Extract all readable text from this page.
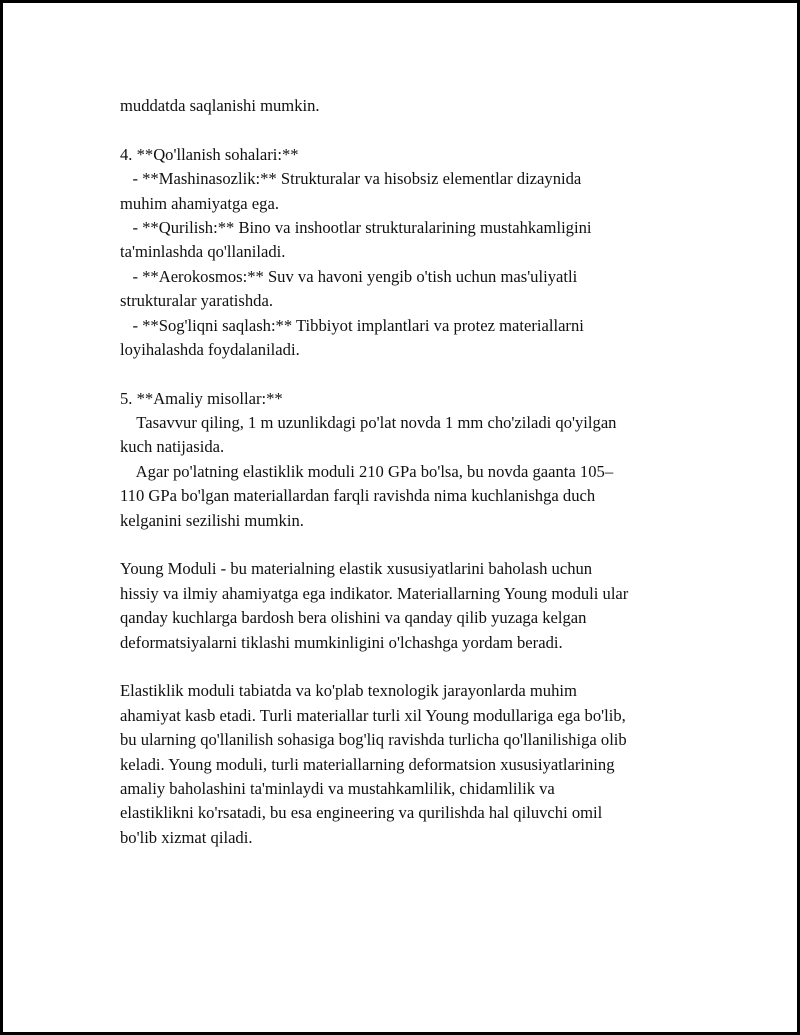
muddatda saqlanishi mumkin.
4. **Qo'llanish sohalari:**
- **Mashinasozlik:** Strukturalar va hisobsiz elementlar dizaynida
muhim ahamiyatga ega.
- **Qurilish:** Bino va inshootlar strukturalarining mustahkamligini
ta'minlashda qo'llaniladi.
- **Aerokosmos:** Suv va havoni yengib o'tish uchun mas'uliyatli
strukturalar yaratishda.
- **Sog'liqni saqlash:** Tibbiyot implantlari va protez materiallarni
loyihalashda foydalaniladi.
5. **Amaliy misollar:**
Tasavvur qiling, 1 m uzunlikdagi po'lat novda 1 mm cho'ziladi qo'yilgan
kuch natijasida.
Agar po'latning elastiklik moduli 210 GPa bo'lsa, bu novda gaanta 105–
110 GPa bo'lgan materiallardan farqli ravishda nima kuchlanishga duch
kelganini sezilishi mumkin.
Young Moduli - bu materialning elastik xususiyatlarini baholash uchun
hissiy va ilmiy ahamiyatga ega indikator. Materiallarning Young moduli ular
qanday kuchlarga bardosh bera olishini va qanday qilib yuzaga kelgan
deformatsiyalarni tiklashi mumkinligini o'lchashga yordam beradi.
Elastiklik moduli tabiatda va ko'plab texnologik jarayonlarda muhim
ahamiyat kasb etadi. Turli materiallar turli xil Young modullariga ega bo'lib,
bu ularning qo'llanilish sohasiga bog'liq ravishda turlicha qo'llanilishiga olib
keladi. Young moduli, turli materiallarning deformatsion xususiyatlarining
amaliy baholashini ta'minlaydi va mustahkamlilik, chidamlilik va
elastiklikni ko'rsatadi, bu esa engineering va qurilishda hal qiluvchi omil
bo'lib xizmat qiladi.
